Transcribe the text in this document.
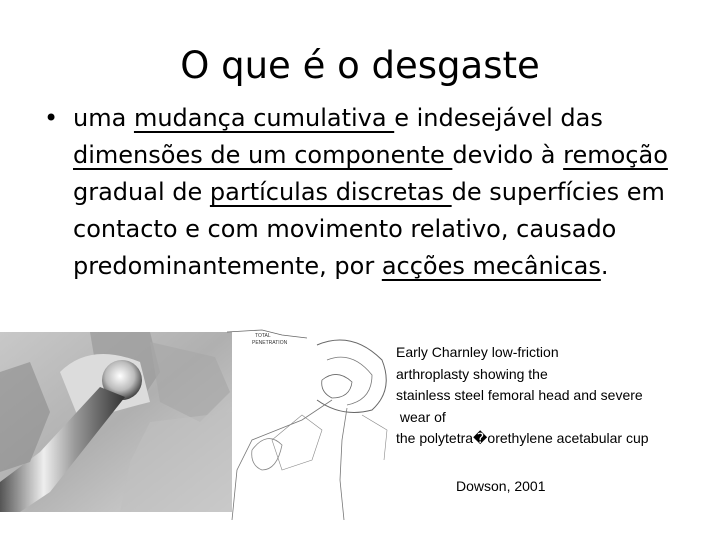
O que é o desgaste
• uma mudança cumulativa e indesejável das dimensões de um componente devido à remoção gradual de partículas discretas de superfícies em contacto e com movimento relativo, causado predominantemente, por acções mecânicas.
TOTAL
PENETRATION
Early Charnley low-friction
arthroplasty showing the
stainless steel femoral head and severe
wear of
the polytetra�orethylene acetabular cup
Dowson, 2001
